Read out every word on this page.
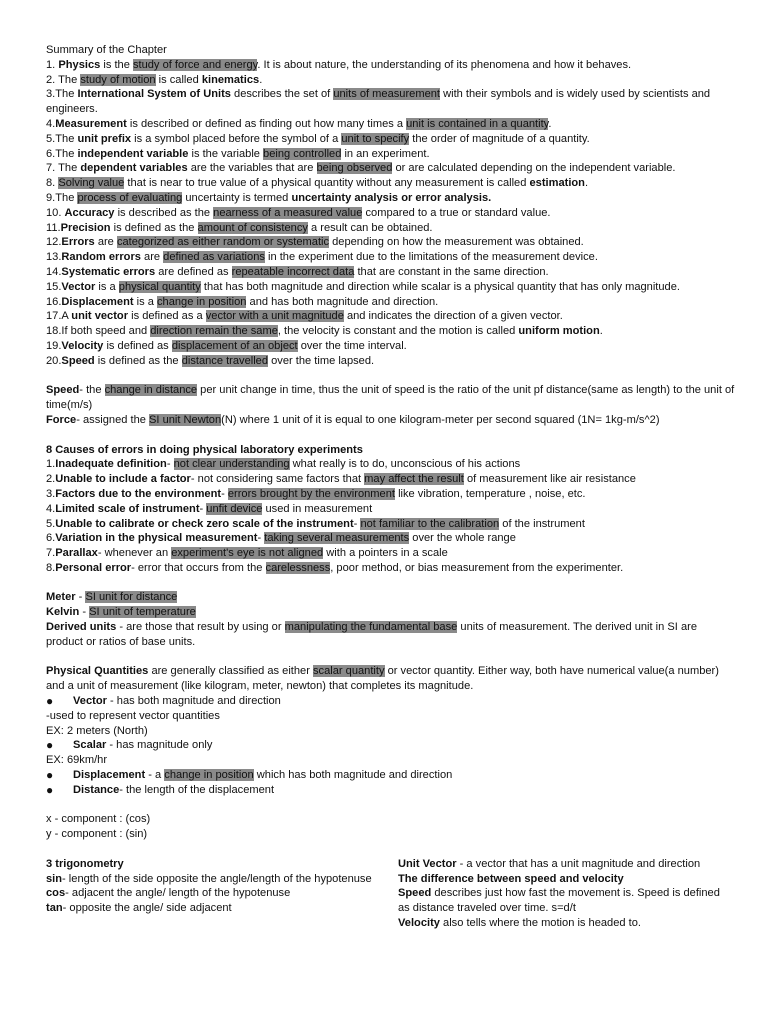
Summary of the Chapter
1. Physics is the study of force and energy. It is about nature, the understanding of its phenomena and how it behaves.
2. The study of motion is called kinematics.
3.The International System of Units describes the set of units of measurement with their symbols and is widely used by scientists and engineers.
4.Measurement is described or defined as finding out how many times a unit is contained in a quantity.
5.The unit prefix is a symbol placed before the symbol of a unit to specify the order of magnitude of a quantity.
6.The independent variable is the variable being controlled in an experiment.
7. The dependent variables are the variables that are being observed or are calculated depending on the independent variable.
8. Solving value that is near to true value of a physical quantity without any measurement is called estimation.
9.The process of evaluating uncertainty is termed uncertainty analysis or error analysis.
10. Accuracy is described as the nearness of a measured value compared to a true or standard value.
11.Precision is defined as the amount of consistency a result can be obtained.
12.Errors are categorized as either random or systematic depending on how the measurement was obtained.
13.Random errors are defined as variations in the experiment due to the limitations of the measurement device.
14.Systematic errors are defined as repeatable incorrect data that are constant in the same direction.
15.Vector is a physical quantity that has both magnitude and direction while scalar is a physical quantity that has only magnitude.
16.Displacement is a change in position and has both magnitude and direction.
17.A unit vector is defined as a vector with a unit magnitude and indicates the direction of a given vector.
18.If both speed and direction remain the same, the velocity is constant and the motion is called uniform motion.
19.Velocity is defined as displacement of an object over the time interval.
20.Speed is defined as the distance travelled over the time lapsed.
Speed- the change in distance per unit change in time, thus the unit of speed is the ratio of the unit pf distance(same as length) to the unit of time(m/s)
Force- assigned the SI unit Newton(N) where 1 unit of it is equal to one kilogram-meter per second squared (1N= 1kg-m/s^2)
8 Causes of errors in doing physical laboratory experiments
1.Inadequate definition- not clear understanding what really is to do, unconscious of his actions
2.Unable to include a factor- not considering same factors that may affect the result of measurement like air resistance
3.Factors due to the environment- errors brought by the environment like vibration, temperature , noise, etc.
4.Limited scale of instrument- unfit device used in measurement
5.Unable to calibrate or check zero scale of the instrument- not familiar to the calibration of the instrument
6.Variation in the physical measurement- taking several measurements over the whole range
7.Parallax- whenever an experiment's eye is not aligned with a pointers in a scale
8.Personal error- error that occurs from the carelessness, poor method, or bias measurement from the experimenter.
Meter - SI unit for distance
Kelvin - SI unit of temperature
Derived units - are those that result by using or manipulating the fundamental base units of measurement. The derived unit in SI are product or ratios of base units.
Physical Quantities are generally classified as either scalar quantity or vector quantity. Either way, both have numerical value(a number) and a unit of measurement (like kilogram, meter, newton) that completes its magnitude.
●	Vector - has both magnitude and direction
-used to represent vector quantities
EX: 2 meters (North)
●	Scalar - has magnitude only
EX: 69km/hr
●	Displacement - a change in position which has both magnitude and direction
●	Distance- the length of the displacement
x - component : (cos)
y - component : (sin)
3 trigonometry
sin- length of the side opposite the angle/length of the hypotenuse
cos- adjacent the angle/ length of the hypotenuse
tan- opposite the angle/ side adjacent
Unit Vector - a vector that has a unit magnitude and direction
The difference between speed and velocity
Speed describes just how fast the movement is. Speed is defined as distance traveled over time. s=d/t
Velocity also tells where the motion is headed to.
